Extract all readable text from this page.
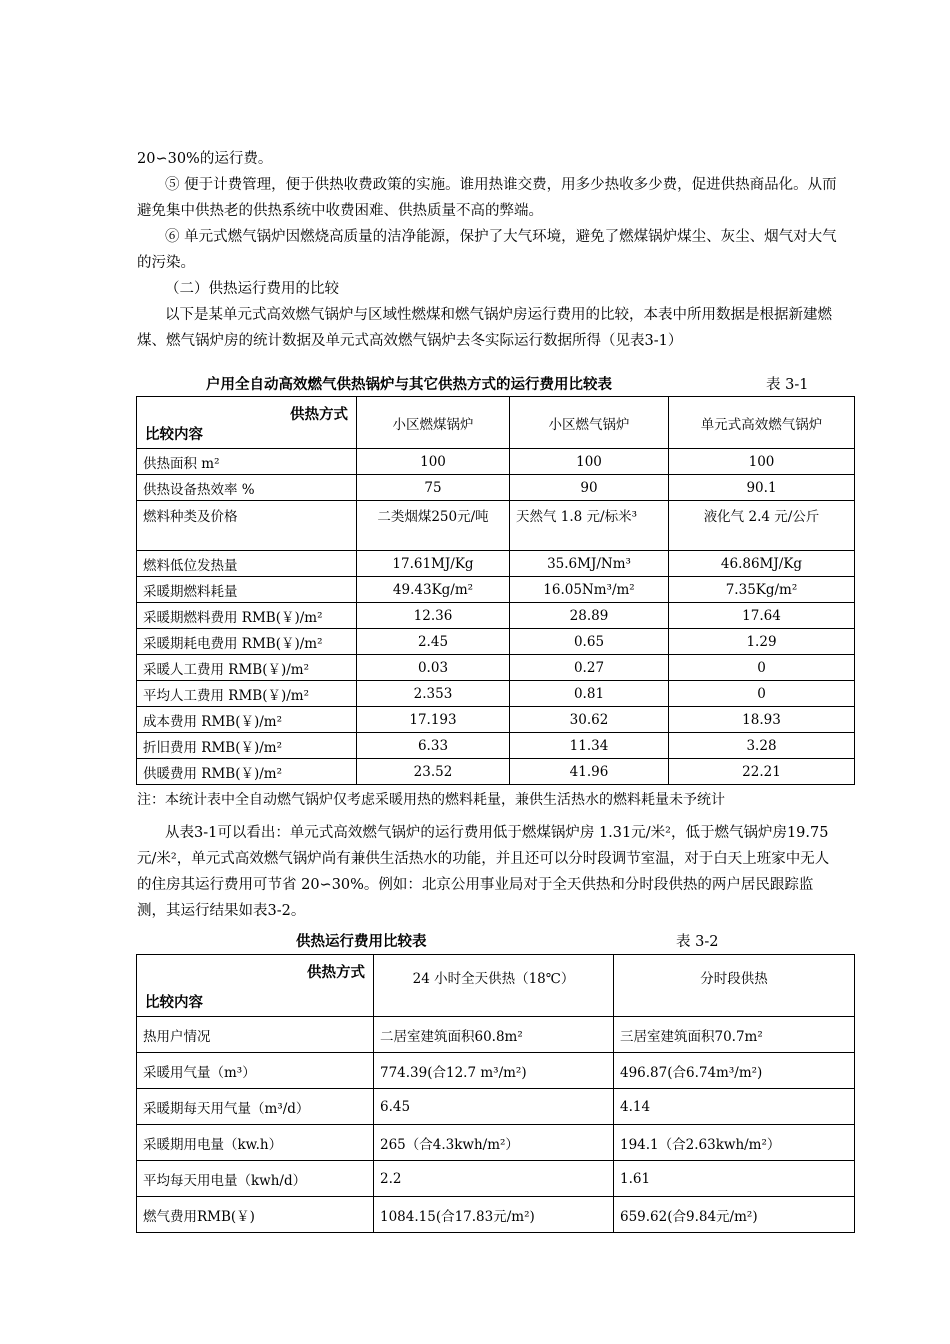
20∽30%的运行费。
⑤ 便于计费管理，便于供热收费政策的实施。谁用热谁交费，用多少热收多少费，促进供热商品化。从而避免集中供热老的供热系统中收费困难、供热质量不高的弊端。
⑥ 单元式燃气锅炉因燃烧高质量的洁净能源，保护了大气环境，避免了燃煤锅炉煤尘、灰尘、烟气对大气的污染。
（二）供热运行费用的比较
以下是某单元式高效燃气锅炉与区域性燃煤和燃气锅炉房运行费用的比较，本表中所用数据是根据新建燃煤、燃气锅炉房的统计数据及单元式高效燃气锅炉去冬实际运行数据所得（见表3-1）
户用全自动高效燃气供热锅炉与其它供热方式的运行费用比较表	表 3-1
供热方式
比较内容	小区燃煤锅炉	小区燃气锅炉	单元式高效燃气锅炉
供热面积 m²	100	100	100
供热设备热效率 %	75	90	90.1
燃料种类及价格	二类烟煤250元/吨	天然气 1.8 元/标米³	液化气 2.4 元/公斤
燃料低位发热量	17.61MJ/Kg	35.6MJ/Nm³	46.86MJ/Kg
采暖期燃料耗量	49.43Kg/m²	16.05Nm³/m²	7.35Kg/m²
采暖期燃料费用 RMB(￥)/m²	12.36	28.89	17.64
采暖期耗电费用 RMB(￥)/m²	2.45	0.65	1.29
采暖人工费用 RMB(￥)/m²	0.03	0.27	0
平均人工费用 RMB(￥)/m²	2.353	0.81	0
成本费用 RMB(￥)/m²	17.193	30.62	18.93
折旧费用 RMB(￥)/m²	6.33	11.34	3.28
供暖费用 RMB(￥)/m²	23.52	41.96	22.21
注：本统计表中全自动燃气锅炉仅考虑采暖用热的燃料耗量，兼供生活热水的燃料耗量未予统计
从表3-1可以看出：单元式高效燃气锅炉的运行费用低于燃煤锅炉房 1.31元/米²，低于燃气锅炉房19.75元/米²，单元式高效燃气锅炉尚有兼供生活热水的功能，并且还可以分时段调节室温，对于白天上班家中无人的住房其运行费用可节省 20∽30%。例如：北京公用事业局对于全天供热和分时段供热的两户居民跟踪监测，其运行结果如表3-2。
供热运行费用比较表	表 3-2
供热方式
比较内容	24 小时全天供热（18℃）	分时段供热
热用户情况	二居室建筑面积60.8m²	三居室建筑面积70.7m²
采暖用气量（m³）	774.39(合12.7 m³/m²)	496.87(合6.74m³/m²)
采暖期每天用气量（m³/d）	6.45	4.14
采暖期用电量（kw.h）	265（合4.3kwh/m²）	194.1（合2.63kwh/m²）
平均每天用电量（kwh/d）	2.2	1.61
燃气费用RMB(￥)	1084.15(合17.83元/m²)	659.62(合9.84元/m²)
